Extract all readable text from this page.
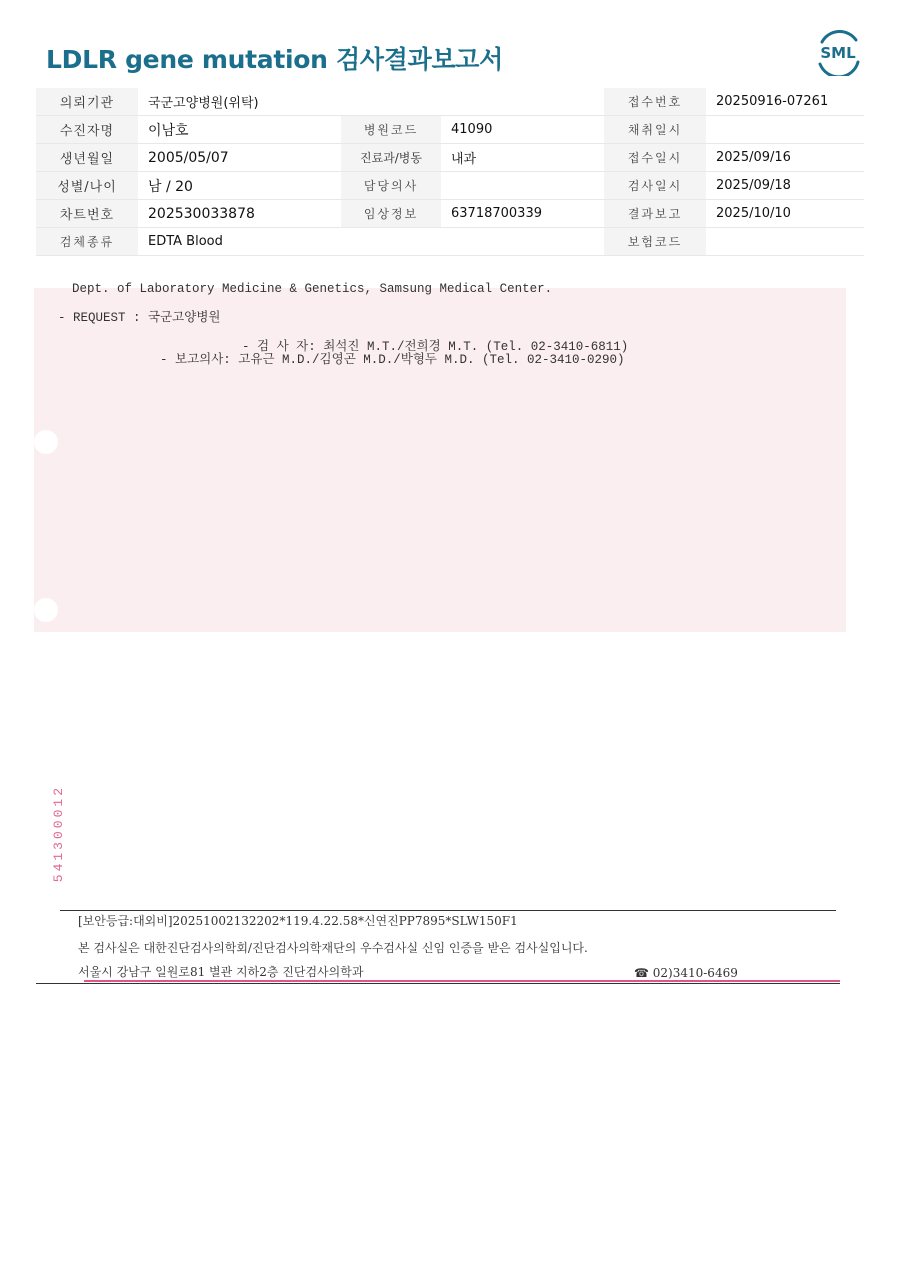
LDLR gene mutation 검사결과보고서	SML
의뢰기관	국군고양병원(위탁)			접수번호	20250916-07261
수진자명	이남호	병원코드	41090	채취일시	
생년월일	2005/05/07	진료과/병동	내과	접수일시	2025/09/16
성별/나이	남 / 20	담당의사		검사일시	2025/09/18
차트번호	202530033878	임상정보	63718700339	결과보고	2025/10/10
검체종류	EDTA Blood			보험코드	
Dept. of Laboratory Medicine & Genetics, Samsung Medical Center.
- REQUEST : 국군고양병원
- 검 사 자: 최석진 M.T./전희경 M.T. (Tel. 02-3410-6811)
- 보고의사: 고유근 M.D./김영곤 M.D./박형두 M.D. (Tel. 02-3410-0290)
[보안등급:대외비]20251002132202*119.4.22.58*신연진PP7895*SLW150F1
본 검사실은 대한진단검사의학회/진단검사의학재단의 우수검사실 신임 인증을 받은 검사실입니다.
서울시 강남구 일원로81 별관 지하2층 진단검사의학과	☎ 02)3410-6469
541300012
